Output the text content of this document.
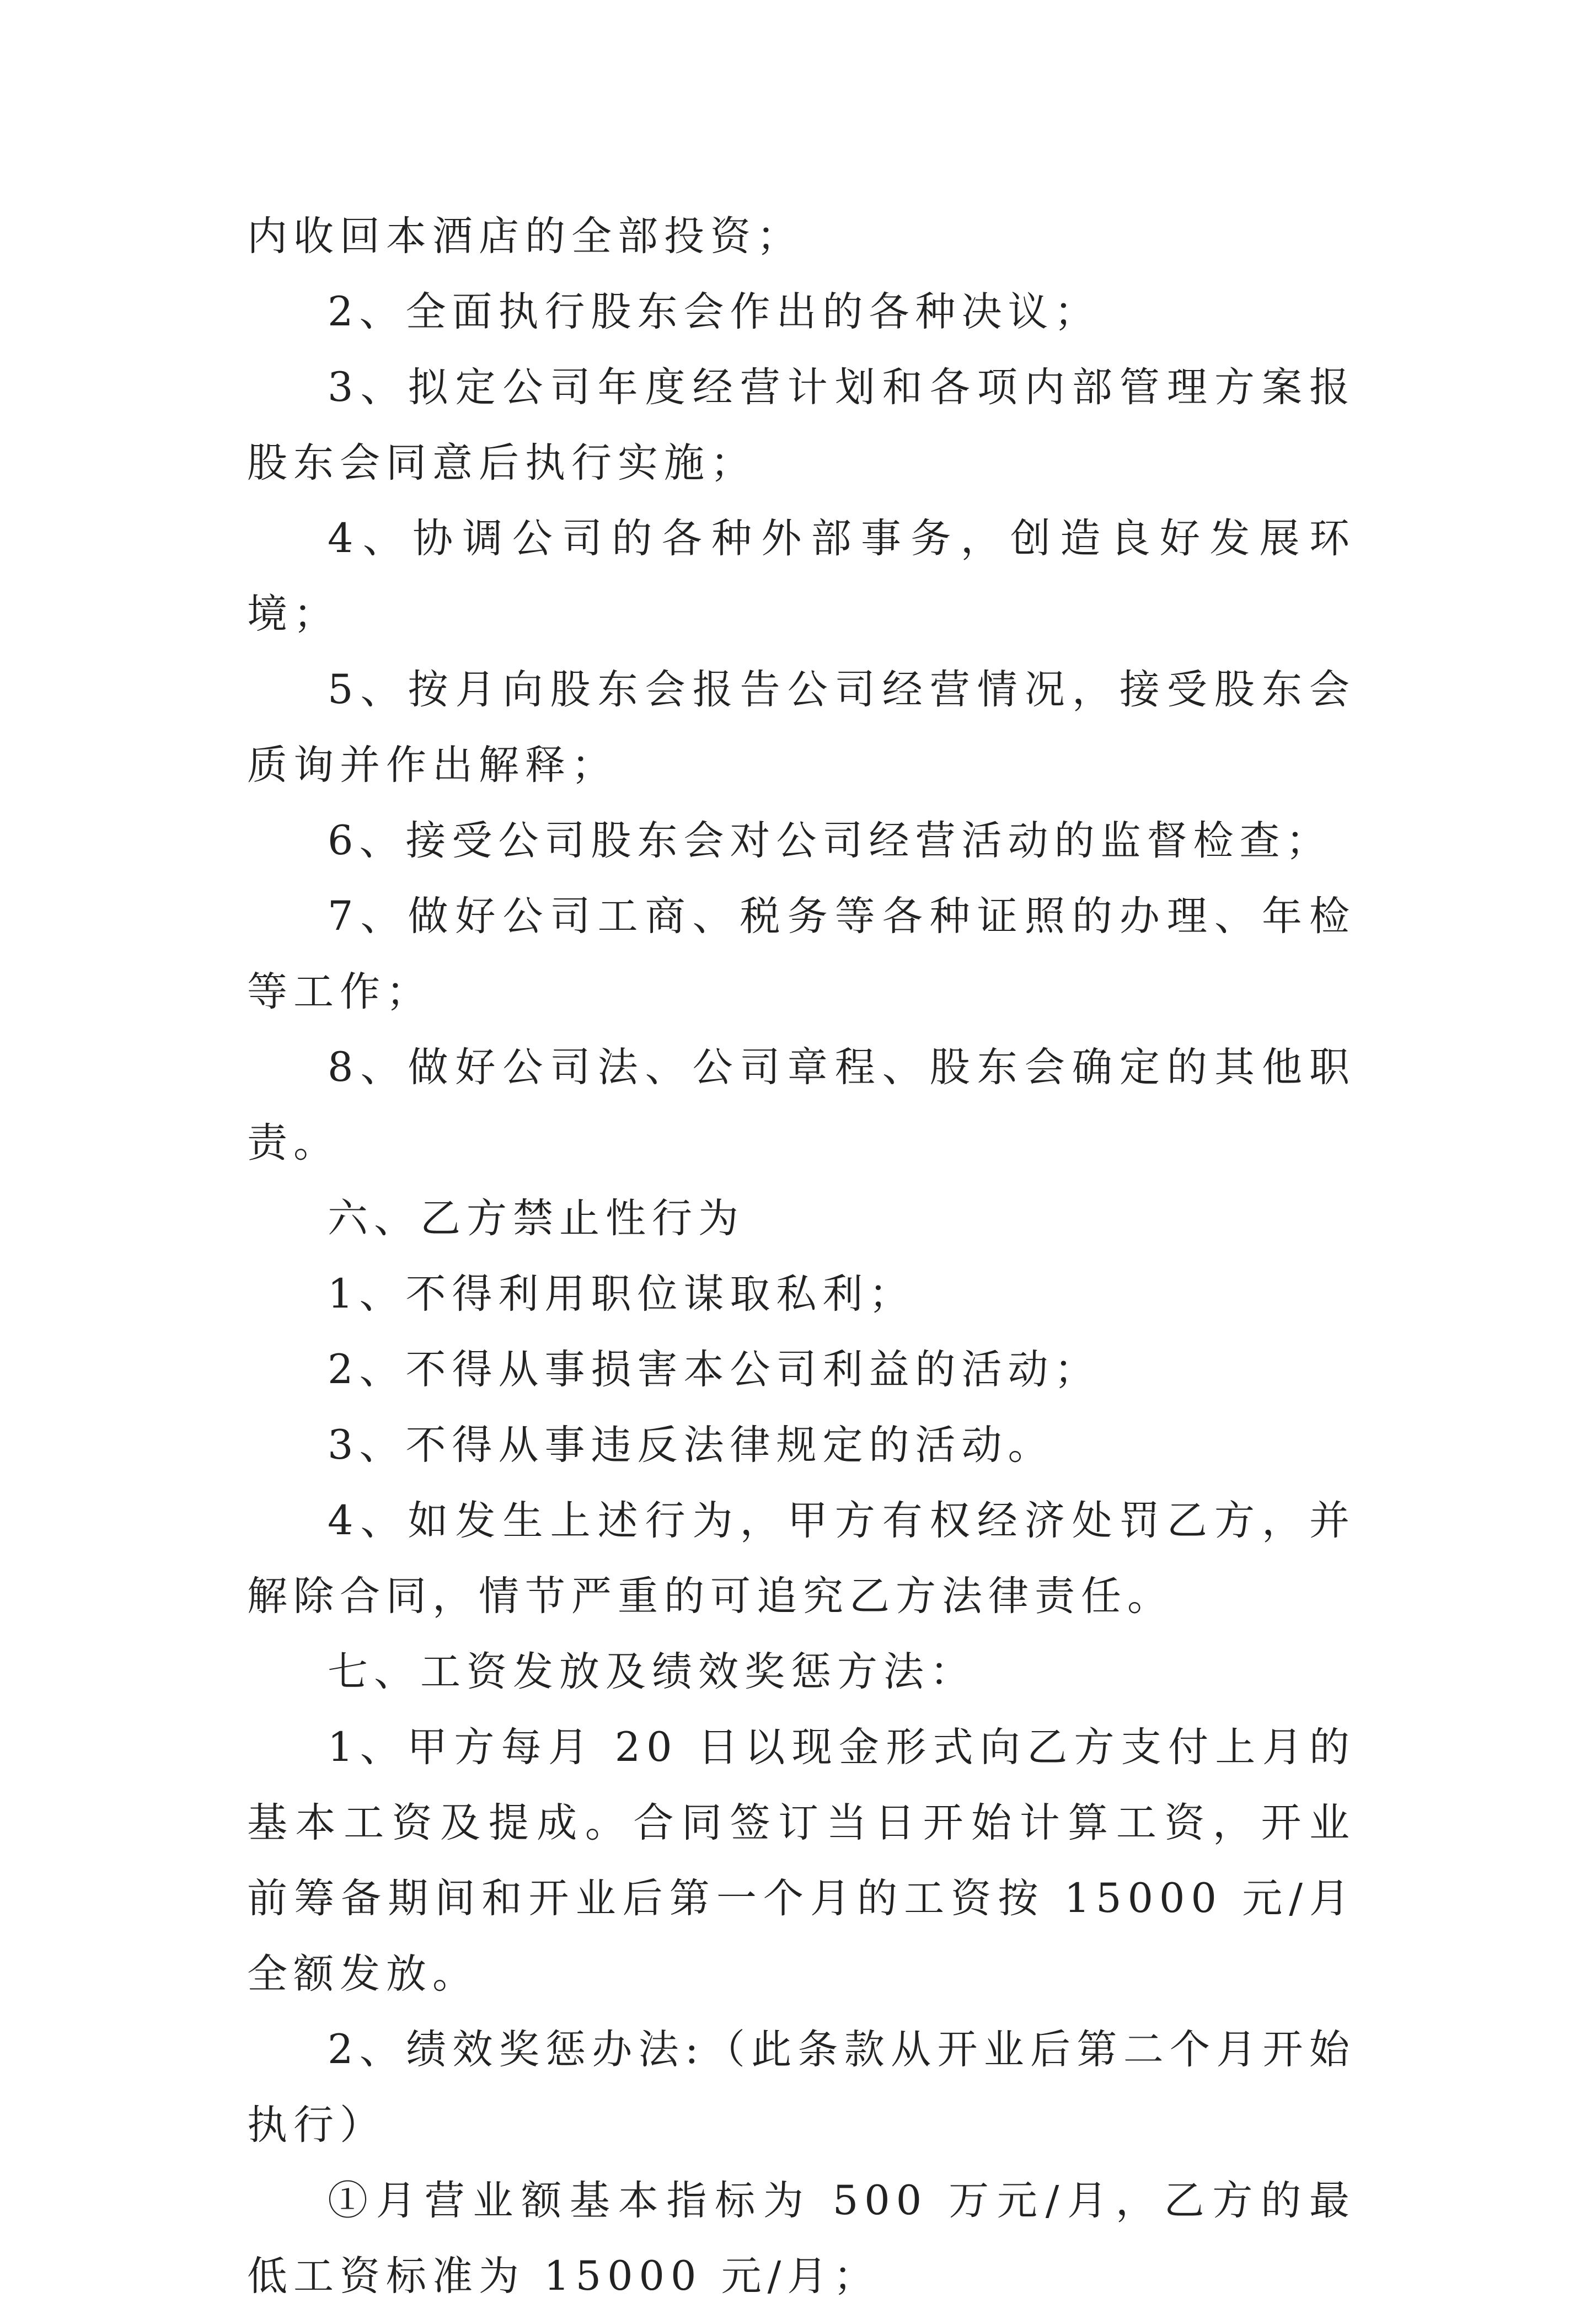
内收回本酒店的全部投资；

2、全面执行股东会作出的各种决议；

3、拟定公司年度经营计划和各项内部管理方案报股东会同意后执行实施；

4、协调公司的各种外部事务，创造良好发展环境；

5、按月向股东会报告公司经营情况，接受股东会质询并作出解释；

6、接受公司股东会对公司经营活动的监督检查；

7、做好公司工商、税务等各种证照的办理、年检等工作；

8、做好公司法、公司章程、股东会确定的其他职责。

六、乙方禁止性行为

1、不得利用职位谋取私利；

2、不得从事损害本公司利益的活动；

3、不得从事违反法律规定的活动。

4、如发生上述行为，甲方有权经济处罚乙方，并解除合同，情节严重的可追究乙方法律责任。

七、工资发放及绩效奖惩方法：

1、甲方每月 20 日以现金形式向乙方支付上月的基本工资及提成。合同签订当日开始计算工资，开业前筹备期间和开业后第一个月的工资按 15000 元/月全额发放。

2、绩效奖惩办法:（此条款从开业后第二个月开始执行）

①月营业额基本指标为 500 万元/月，乙方的最低工资标准为 15000 元/月；
